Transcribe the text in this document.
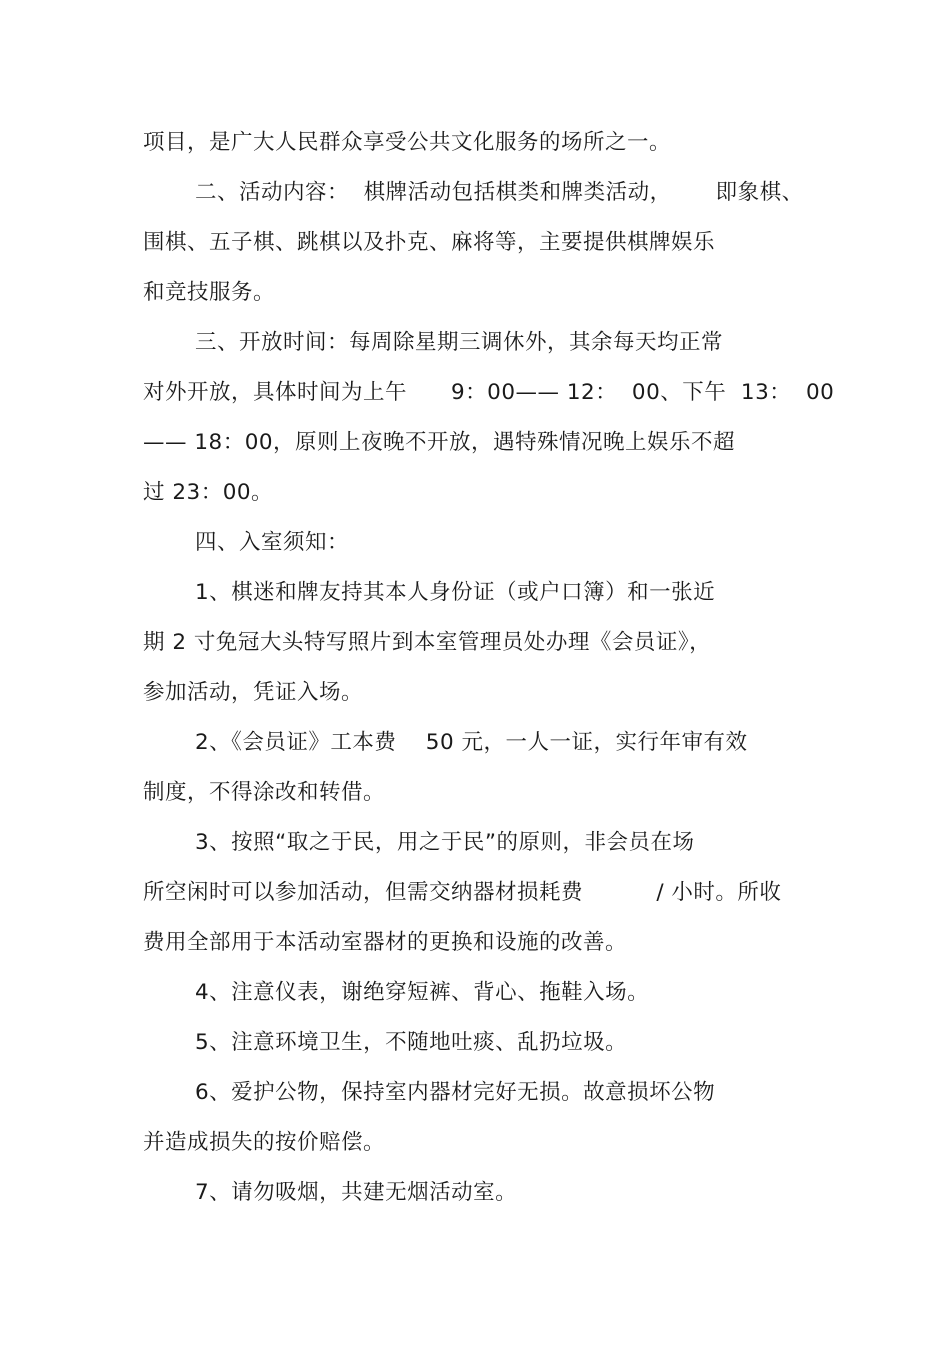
项目，是广大人民群众享受公共文化服务的场所之一。
二、活动内容：  棋牌活动包括棋类和牌类活动，      即象棋、
围棋、五子棋、跳棋以及扑克、麻将等，主要提供棋牌娱乐
和竞技服务。
三、开放时间：每周除星期三调休外，其余每天均正常
对外开放，具体时间为上午      9：00—— 12：  00、下午  13：  00
—— 18：00，原则上夜晚不开放，遇特殊情况晚上娱乐不超
过 23：00。
四、入室须知：
1、棋迷和牌友持其本人身份证（或户口簿）和一张近
期 2 寸免冠大头特写照片到本室管理员处办理《会员证》，
参加活动，凭证入场。
2、《会员证》工本费    50 元，一人一证，实行年审有效
制度，不得涂改和转借。
3、按照“取之于民，用之于民”的原则，非会员在场
所空闲时可以参加活动，但需交纳器材损耗费          / 小时。所收
费用全部用于本活动室器材的更换和设施的改善。
4、注意仪表，谢绝穿短裤、背心、拖鞋入场。
5、注意环境卫生，不随地吐痰、乱扔垃圾。
6、爱护公物，保持室内器材完好无损。故意损坏公物
并造成损失的按价赔偿。
7、请勿吸烟，共建无烟活动室。
